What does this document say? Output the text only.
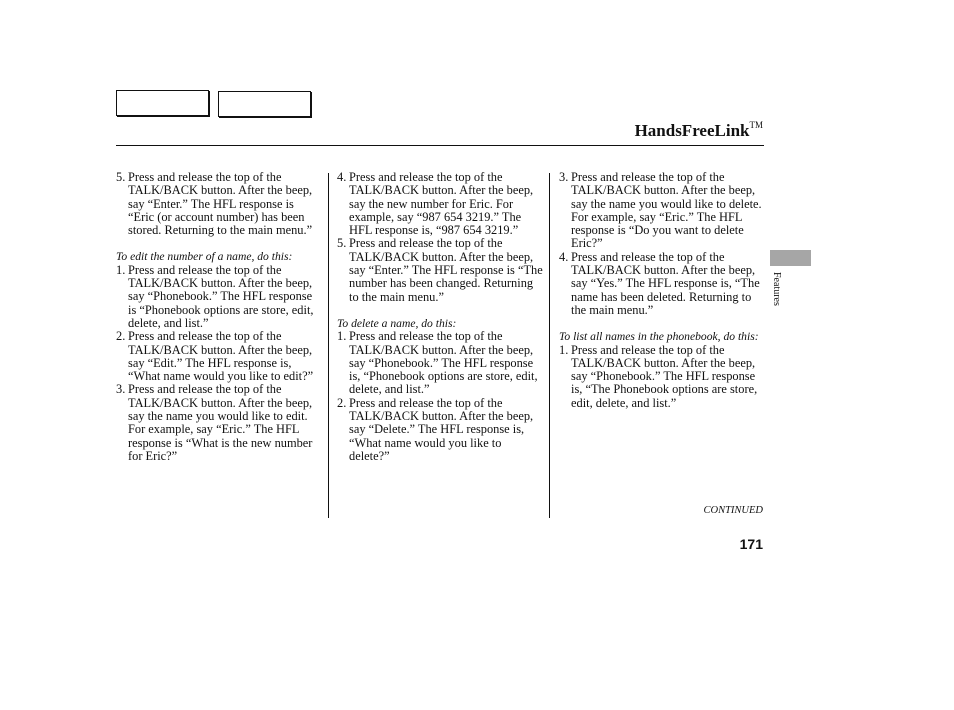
HandsFreeLink™
5. Press and release the top of the TALK/BACK button. After the beep, say “Enter.” The HFL response is “Eric (or account number) has been stored. Returning to the main menu.”

To edit the number of a name, do this:

1. Press and release the top of the TALK/BACK button. After the beep, say “Phonebook.” The HFL response is “Phonebook options are store, edit, delete, and list.”
2. Press and release the top of the TALK/BACK button. After the beep, say “Edit.” The HFL response is, “What name would you like to edit?”
3. Press and release the top of the TALK/BACK button. After the beep, say the name you would like to edit. For example, say “Eric.” The HFL response is “What is the new number for Eric?”
4. Press and release the top of the TALK/BACK button. After the beep, say the new number for Eric. For example, say “987 654 3219.” The HFL response is, “987 654 3219.”
5. Press and release the top of the TALK/BACK button. After the beep, say “Enter.” The HFL response is “The number has been changed. Returning to the main menu.”

To delete a name, do this:

1. Press and release the top of the TALK/BACK button. After the beep, say “Phonebook.” The HFL response is, “Phonebook options are store, edit, delete, and list.”
2. Press and release the top of the TALK/BACK button. After the beep, say “Delete.” The HFL response is, “What name would you like to delete?”
3. Press and release the top of the TALK/BACK button. After the beep, say the name you would like to delete. For example, say “Eric.” The HFL response is “Do you want to delete Eric?”
4. Press and release the top of the TALK/BACK button. After the beep, say “Yes.” The HFL response is, “The name has been deleted. Returning to the main menu.”

To list all names in the phonebook, do this:

1. Press and release the top of the TALK/BACK button. After the beep, say “Phonebook.” The HFL response is, “The Phonebook options are store, edit, delete, and list.”
Features
CONTINUED
171
